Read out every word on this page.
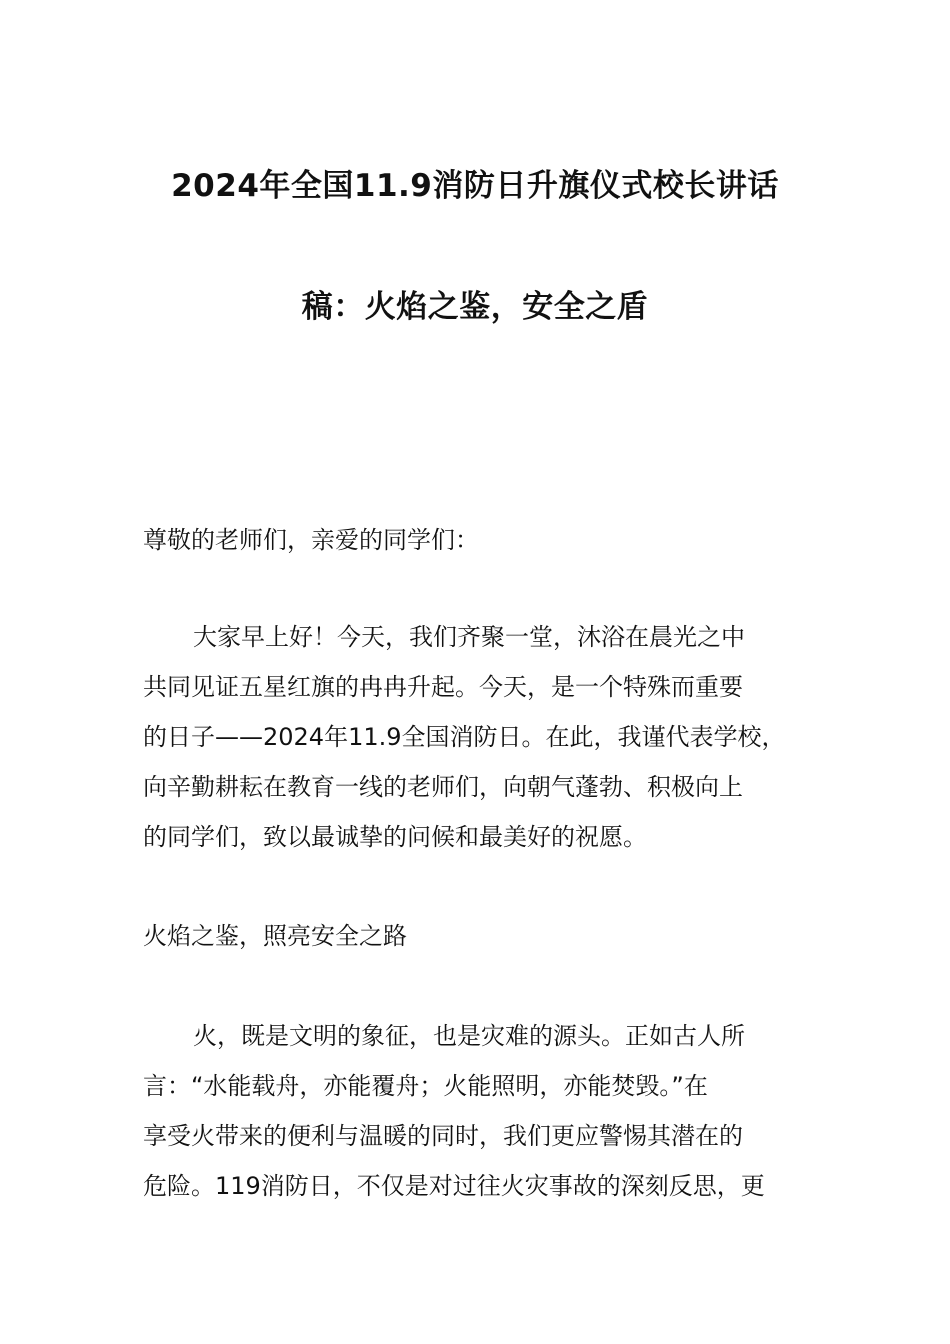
2024年全国11.9消防日升旗仪式校长讲话
稿：火焰之鉴，安全之盾
尊敬的老师们，亲爱的同学们：
大家早上好！今天，我们齐聚一堂，沐浴在晨光之中
共同见证五星红旗的冉冉升起。今天，是一个特殊而重要
的日子——2024年11.9全国消防日。在此，我谨代表学校，
向辛勤耕耘在教育一线的老师们，向朝气蓬勃、积极向上
的同学们，致以最诚挚的问候和最美好的祝愿。
火焰之鉴，照亮安全之路
火，既是文明的象征，也是灾难的源头。正如古人所
言：“水能载舟，亦能覆舟；火能照明，亦能焚毁。”在
享受火带来的便利与温暖的同时，我们更应警惕其潜在的
危险。119消防日，不仅是对过往火灾事故的深刻反思，更
